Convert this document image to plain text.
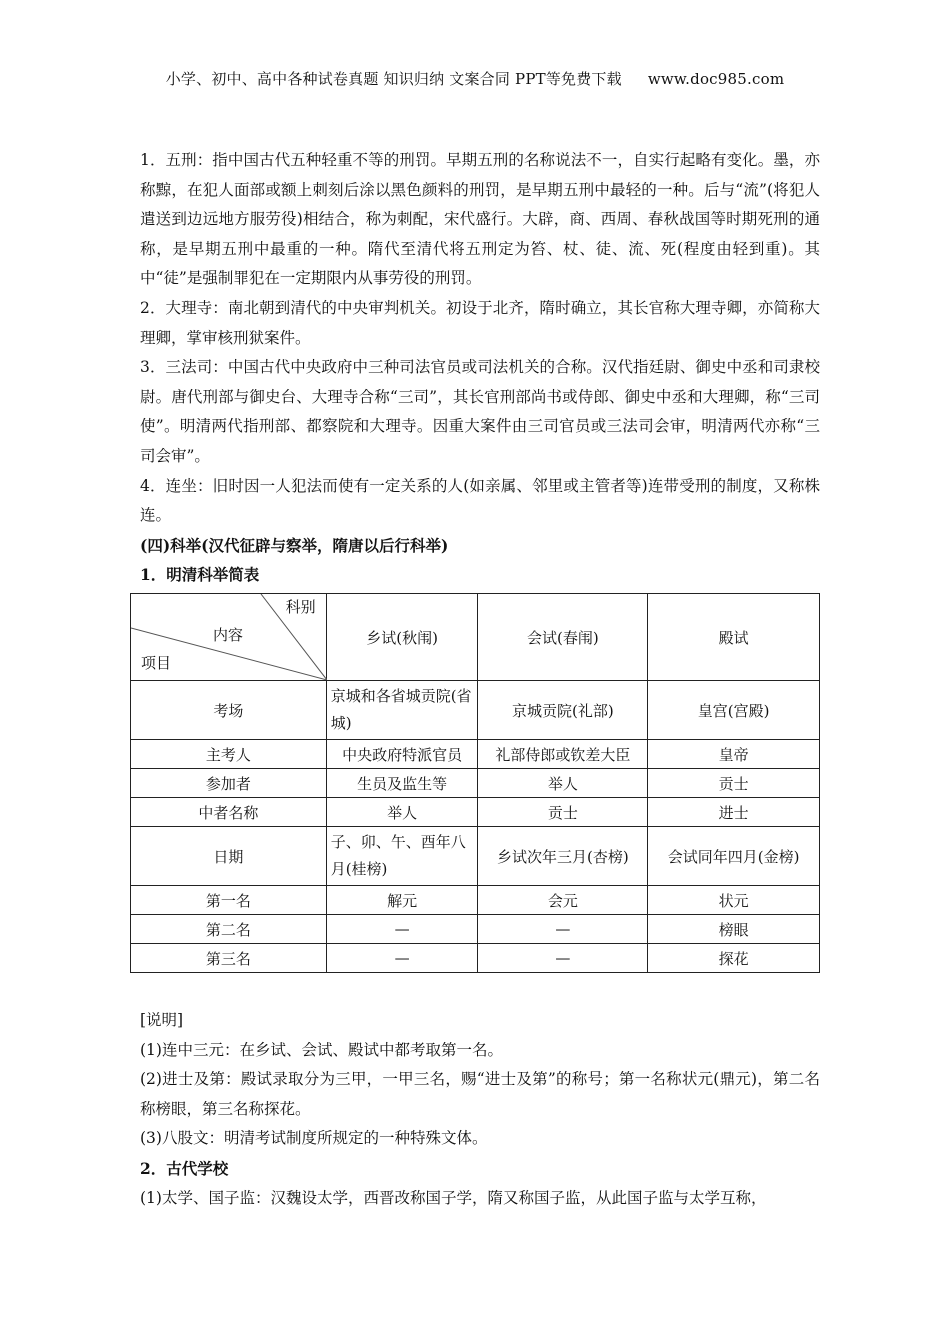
小学、初中、高中各种试卷真题 知识归纳 文案合同 PPT等免费下载 www.doc985.com

1．五刑：指中国古代五种轻重不等的刑罚。早期五刑的名称说法不一，自实行起略有变化。墨，亦称黥，在犯人面部或额上刺刻后涂以黑色颜料的刑罚，是早期五刑中最轻的一种。后与“流”(将犯人遣送到边远地方服劳役)相结合，称为刺配，宋代盛行。大辟，商、西周、春秋战国等时期死刑的通称，是早期五刑中最重的一种。隋代至清代将五刑定为笞、杖、徒、流、死(程度由轻到重)。其中“徒”是强制罪犯在一定期限内从事劳役的刑罚。

2．大理寺：南北朝到清代的中央审判机关。初设于北齐，隋时确立，其长官称大理寺卿，亦简称大理卿，掌审核刑狱案件。

3．三法司：中国古代中央政府中三种司法官员或司法机关的合称。汉代指廷尉、御史中丞和司隶校尉。唐代刑部与御史台、大理寺合称“三司”，其长官刑部尚书或侍郎、御史中丞和大理卿，称“三司使”。明清两代指刑部、都察院和大理寺。因重大案件由三司官员或三法司会审，明清两代亦称“三司会审”。

4．连坐：旧时因一人犯法而使有一定关系的人(如亲属、邻里或主管者等)连带受刑的制度，又称株连。

(四)科举(汉代征辟与察举，隋唐以后行科举)

1．明清科举简表

科别
内容
项目	乡试(秋闱)	会试(春闱)	殿试
考场	京城和各省城贡院(省城)	京城贡院(礼部)	皇宫(宫殿)
主考人	中央政府特派官员	礼部侍郎或钦差大臣	皇帝
参加者	生员及监生等	举人	贡士
中者名称	举人	贡士	进士
日期	子、卯、午、酉年八月(桂榜)	乡试次年三月(杏榜)	会试同年四月(金榜)
第一名	解元	会元	状元
第二名	—	—	榜眼
第三名	—	—	探花

[说明]

(1)连中三元：在乡试、会试、殿试中都考取第一名。

(2)进士及第：殿试录取分为三甲，一甲三名，赐“进士及第”的称号；第一名称状元(鼎元)，第二名称榜眼，第三名称探花。

(3)八股文：明清考试制度所规定的一种特殊文体。

2．古代学校

(1)太学、国子监：汉魏设太学，西晋改称国子学，隋又称国子监，从此国子监与太学互称，
